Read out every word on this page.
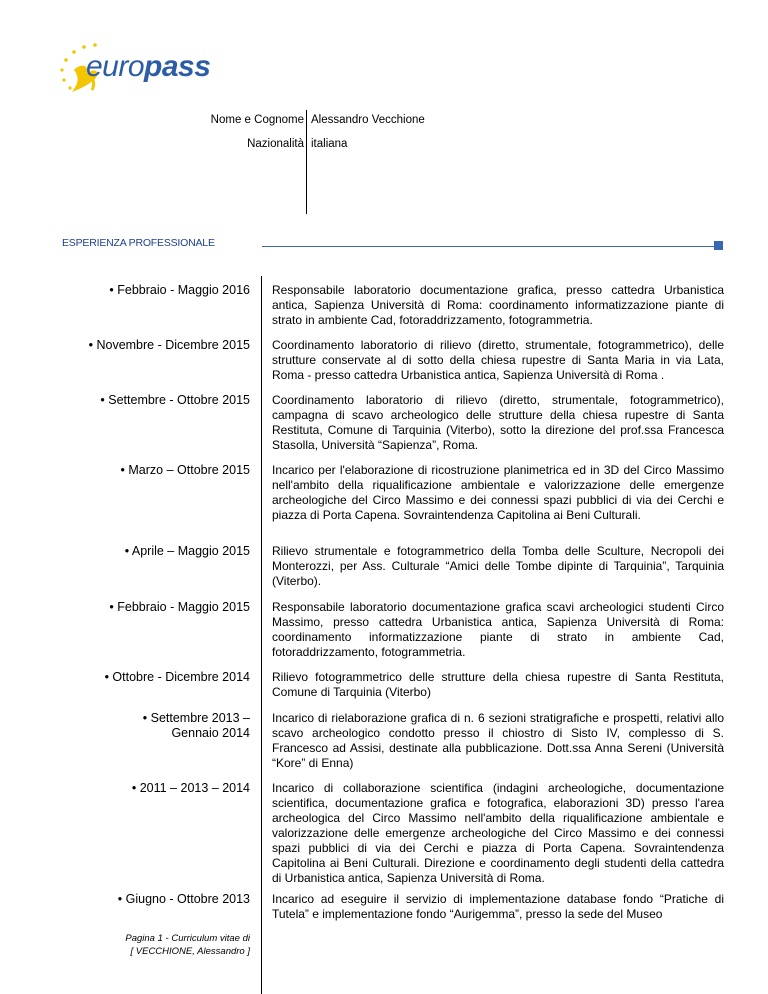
europass
Nome e Cognome Alessandro Vecchione
Nazionalità italiana
ESPERIENZA PROFESSIONALE
• Febbraio - Maggio 2016 Responsabile laboratorio documentazione grafica, presso cattedra Urbanistica antica, Sapienza Università di Roma: coordinamento informatizzazione piante di strato in ambiente Cad, fotoraddrizzamento, fotogrammetria.
• Novembre - Dicembre 2015 Coordinamento laboratorio di rilievo (diretto, strumentale, fotogrammetrico), delle strutture conservate al di sotto della chiesa rupestre di Santa Maria in via Lata, Roma - presso cattedra Urbanistica antica, Sapienza Università di Roma .
• Settembre - Ottobre 2015 Coordinamento laboratorio di rilievo (diretto, strumentale, fotogrammetrico), campagna di scavo archeologico delle strutture della chiesa rupestre di Santa Restituta, Comune di Tarquinia (Viterbo), sotto la direzione del prof.ssa Francesca Stasolla, Università “Sapienza”, Roma.
• Marzo – Ottobre 2015 Incarico per l'elaborazione di ricostruzione planimetrica ed in 3D del Circo Massimo nell'ambito della riqualificazione ambientale e valorizzazione delle emergenze archeologiche del Circo Massimo e dei connessi spazi pubblici di via dei Cerchi e piazza di Porta Capena. Sovraintendenza Capitolina ai Beni Culturali.
• Aprile – Maggio 2015 Rilievo strumentale e fotogrammetrico della Tomba delle Sculture, Necropoli dei Monterozzi, per Ass. Culturale “Amici delle Tombe dipinte di Tarquinia”, Tarquinia (Viterbo).
• Febbraio - Maggio 2015 Responsabile laboratorio documentazione grafica scavi archeologici studenti Circo Massimo, presso cattedra Urbanistica antica, Sapienza Università di Roma: coordinamento informatizzazione piante di strato in ambiente Cad, fotoraddrizzamento, fotogrammetria.
• Ottobre - Dicembre 2014 Rilievo fotogrammetrico delle strutture della chiesa rupestre di Santa Restituta, Comune di Tarquinia (Viterbo)
• Settembre 2013 – Gennaio 2014
Incarico di rielaborazione grafica di n. 6 sezioni stratigrafiche e prospetti, relativi allo scavo archeologico condotto presso il chiostro di Sisto IV, complesso di S. Francesco ad Assisi, destinate alla pubblicazione. Dott.ssa Anna Sereni (Università “Kore” di Enna)
• 2011 – 2013 – 2014 Incarico di collaborazione scientifica (indagini archeologiche, documentazione scientifica, documentazione grafica e fotografica, elaborazioni 3D) presso l'area archeologica del Circo Massimo nell'ambito della riqualificazione ambientale e valorizzazione delle emergenze archeologiche del Circo Massimo e dei connessi spazi pubblici di via dei Cerchi e piazza di Porta Capena. Sovraintendenza Capitolina ai Beni Culturali. Direzione e coordinamento degli studenti della cattedra di Urbanistica antica, Sapienza Università di Roma.
• Giugno - Ottobre 2013 Incarico ad eseguire il servizio di implementazione database fondo “Pratiche di Tutela” e implementazione fondo “Aurigemma”, presso la sede del Museo
Pagina 1 - Curriculum vitae di
[ VECCHIONE, Alessandro ]
